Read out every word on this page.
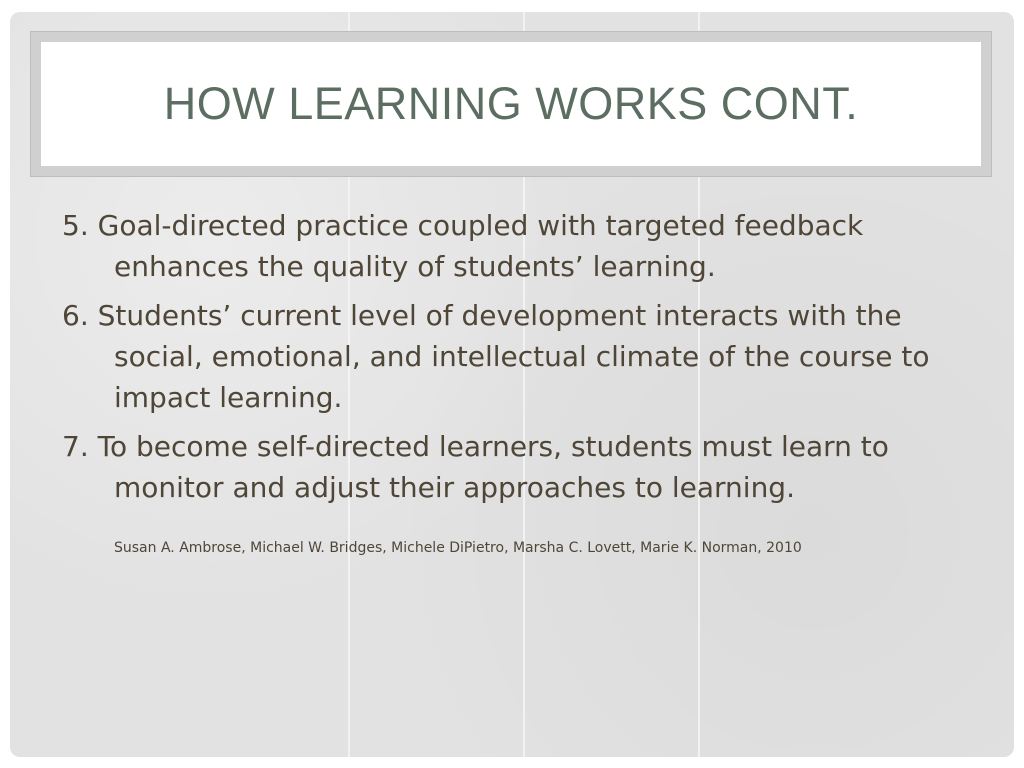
HOW LEARNING WORKS CONT.
5. Goal-directed practice coupled with targeted feedback enhances the quality of students’ learning.
6. Students’ current level of development interacts with the social, emotional, and intellectual climate of the course to impact learning.
7. To become self-directed learners, students must learn to monitor and adjust their approaches to learning.
Susan A. Ambrose, Michael W. Bridges, Michele DiPietro, Marsha C. Lovett, Marie K. Norman, 2010
